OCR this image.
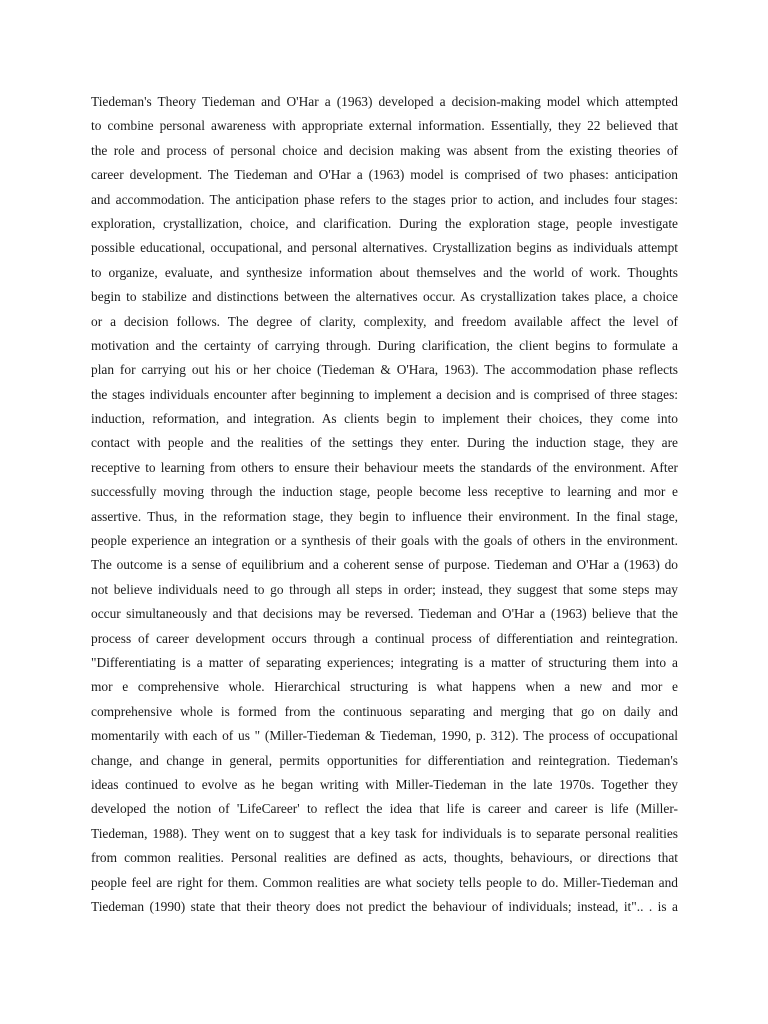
Tiedeman's Theory Tiedeman and O'Har a (1963) developed a decision-making model which attempted
to combine personal awareness with appropriate external information. Essentially, they 22 believed that
the role and process of personal choice and decision making was absent from the existing theories of
career development. The Tiedeman and O'Har a (1963) model is comprised of two phases: anticipation
and accommodation. The anticipation phase refers to the stages prior to action, and includes four stages:
exploration, crystallization, choice, and clarification. During the exploration stage, people investigate
possible educational, occupational, and personal alternatives. Crystallization begins as individuals attempt
to organize, evaluate, and synthesize information about themselves and the world of work. Thoughts
begin to stabilize and distinctions between the alternatives occur. As crystallization takes place, a choice
or a decision follows. The degree of clarity, complexity, and freedom available affect the level of
motivation and the certainty of carrying through. During clarification, the client begins to formulate a
plan for carrying out his or her choice (Tiedeman & O'Hara, 1963). The accommodation phase reflects
the stages individuals encounter after beginning to implement a decision and is comprised of three stages:
induction, reformation, and integration. As clients begin to implement their choices, they come into
contact with people and the realities of the settings they enter. During the induction stage, they are
receptive to learning from others to ensure their behaviour meets the standards of the environment. After
successfully moving through the induction stage, people become less receptive to learning and mor e
assertive. Thus, in the reformation stage, they begin to influence their environment. In the final stage,
people experience an integration or a synthesis of their goals with the goals of others in the environment.
The outcome is a sense of equilibrium and a coherent sense of purpose. Tiedeman and O'Har a (1963) do
not believe individuals need to go through all steps in order; instead, they suggest that some steps may
occur simultaneously and that decisions may be reversed. Tiedeman and O'Har a (1963) believe that the
process of career development occurs through a continual process of differentiation and reintegration.
"Differentiating is a matter of separating experiences; integrating is a matter of structuring them into a
mor e comprehensive whole. Hierarchical structuring is what happens when a new and mor e
comprehensive whole is formed from the continuous separating and merging that go on daily and
momentarily with each of us " (Miller-Tiedeman & Tiedeman, 1990, p. 312). The process of occupational
change, and change in general, permits opportunities for differentiation and reintegration. Tiedeman's
ideas continued to evolve as he began writing with Miller-Tiedeman in the late 1970s. Together they
developed the notion of 'LifeCareer' to reflect the idea that life is career and career is life (Miller-
Tiedeman, 1988). They went on to suggest that a key task for individuals is to separate personal realities
from common realities. Personal realities are defined as acts, thoughts, behaviours, or directions that
people feel are right for them. Common realities are what society tells people to do. Miller-Tiedeman and
Tiedeman (1990) state that their theory does not predict the behaviour of individuals; instead, it".. . is a
